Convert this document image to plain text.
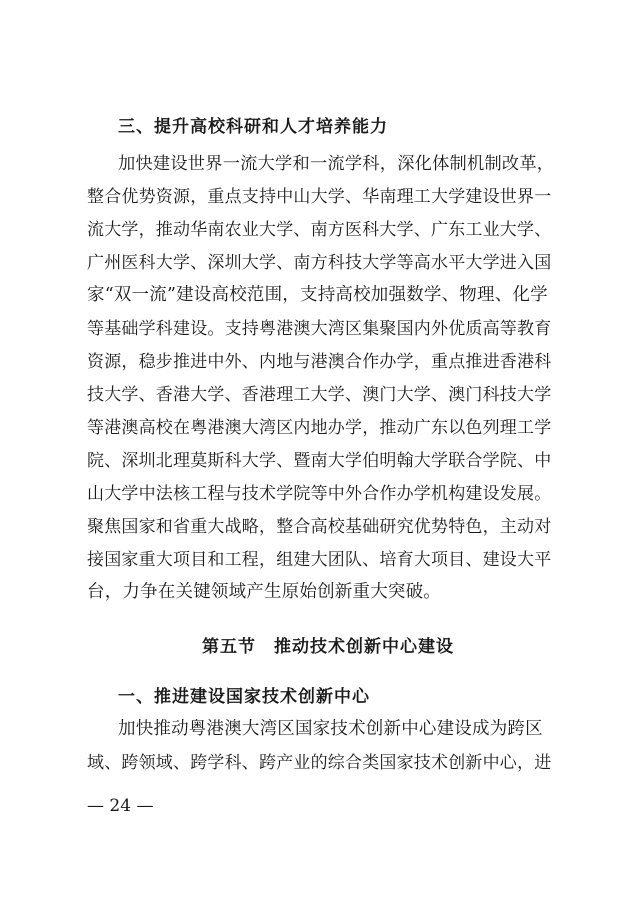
三、提升高校科研和人才培养能力
加快建设世界一流大学和一流学科，深化体制机制改革，
整合优势资源，重点支持中山大学、华南理工大学建设世界一
流大学，推动华南农业大学、南方医科大学、广东工业大学、
广州医科大学、深圳大学、南方科技大学等高水平大学进入国
家“双一流”建设高校范围，支持高校加强数学、物理、化学
等基础学科建设。支持粤港澳大湾区集聚国内外优质高等教育
资源，稳步推进中外、内地与港澳合作办学，重点推进香港科
技大学、香港大学、香港理工大学、澳门大学、澳门科技大学
等港澳高校在粤港澳大湾区内地办学，推动广东以色列理工学
院、深圳北理莫斯科大学、暨南大学伯明翰大学联合学院、中
山大学中法核工程与技术学院等中外合作办学机构建设发展。
聚焦国家和省重大战略，整合高校基础研究优势特色，主动对
接国家重大项目和工程，组建大团队、培育大项目、建设大平
台，力争在关键领域产生原始创新重大突破。
第五节　推动技术创新中心建设
一、推进建设国家技术创新中心
加快推动粤港澳大湾区国家技术创新中心建设成为跨区
域、跨领域、跨学科、跨产业的综合类国家技术创新中心，进
— 24 —
